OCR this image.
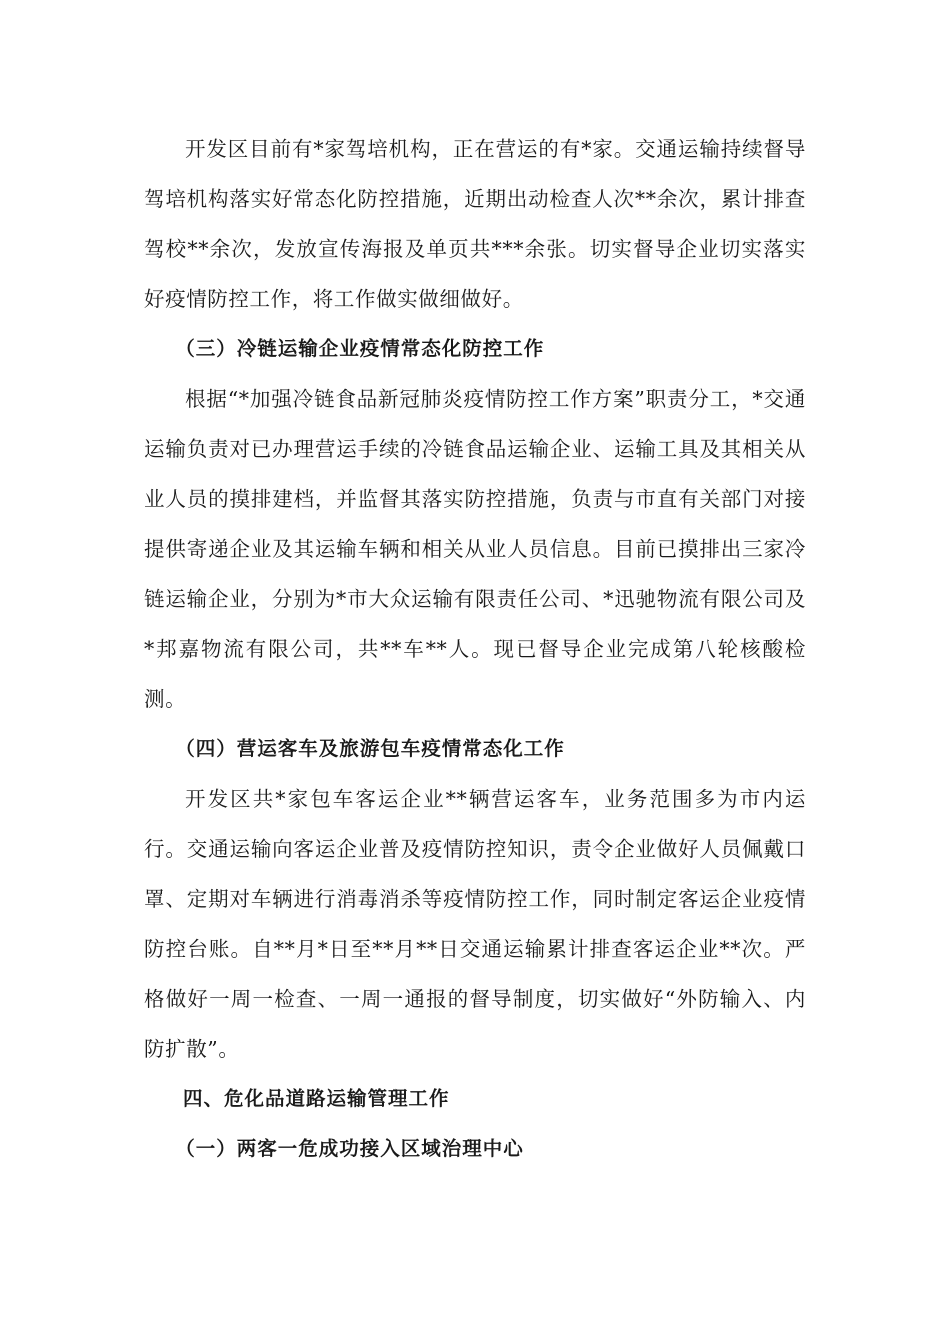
开发区目前有*家驾培机构，正在营运的有*家。交通运输持续督导驾培机构落实好常态化防控措施，近期出动检查人次**余次，累计排查驾校**余次，发放宣传海报及单页共***余张。切实督导企业切实落实好疫情防控工作，将工作做实做细做好。

（三）冷链运输企业疫情常态化防控工作

根据“*加强冷链食品新冠肺炎疫情防控工作方案”职责分工，*交通运输负责对已办理营运手续的冷链食品运输企业、运输工具及其相关从业人员的摸排建档，并监督其落实防控措施，负责与市直有关部门对接提供寄递企业及其运输车辆和相关从业人员信息。目前已摸排出三家冷链运输企业，分别为*市大众运输有限责任公司、*迅驰物流有限公司及*邦嘉物流有限公司，共**车**人。现已督导企业完成第八轮核酸检测。

（四）营运客车及旅游包车疫情常态化工作

开发区共*家包车客运企业**辆营运客车，业务范围多为市内运行。交通运输向客运企业普及疫情防控知识，责令企业做好人员佩戴口罩、定期对车辆进行消毒消杀等疫情防控工作，同时制定客运企业疫情防控台账。自**月*日至**月**日交通运输累计排查客运企业**次。严格做好一周一检查、一周一通报的督导制度，切实做好“外防输入、内防扩散”。

四、危化品道路运输管理工作

（一）两客一危成功接入区域治理中心
